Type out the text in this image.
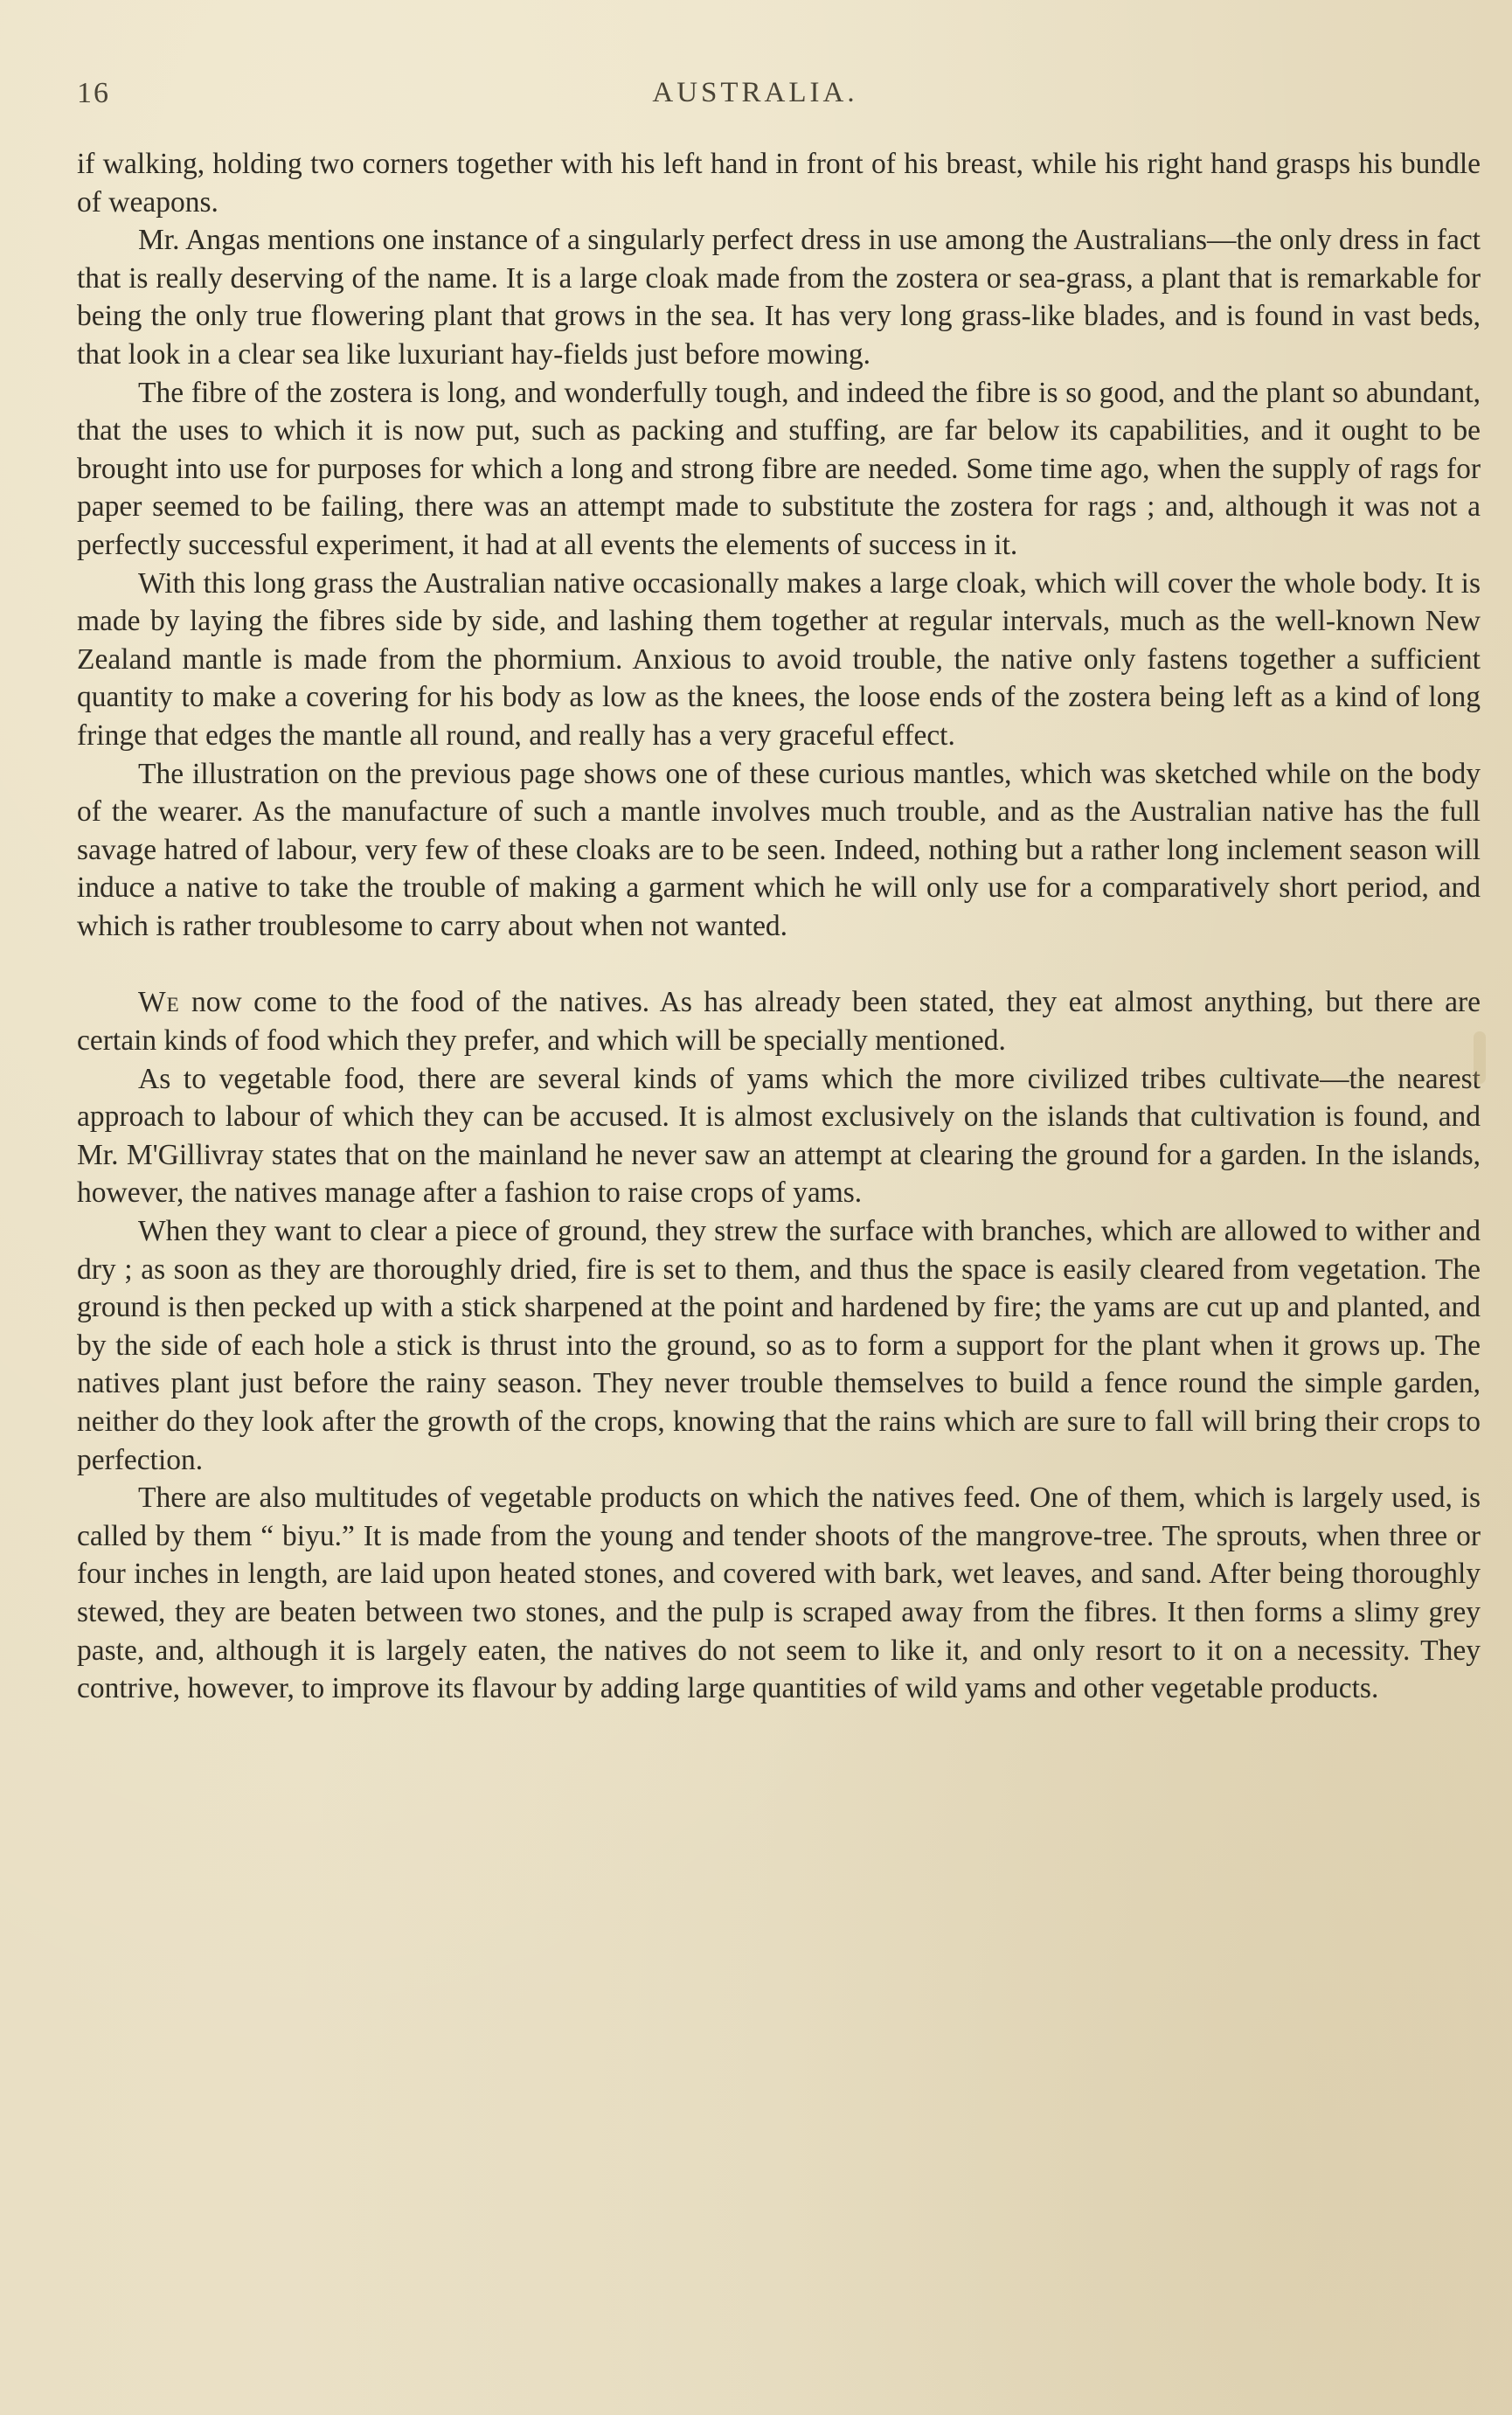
16	AUSTRALIA.

if walking, holding two corners together with his left hand in front of his breast, while his right hand grasps his bundle of weapons.

Mr. Angas mentions one instance of a singularly perfect dress in use among the Australians—the only dress in fact that is really deserving of the name. It is a large cloak made from the zostera or sea-grass, a plant that is remarkable for being the only true flowering plant that grows in the sea. It has very long grass-like blades, and is found in vast beds, that look in a clear sea like luxuriant hay-fields just before mowing.

The fibre of the zostera is long, and wonderfully tough, and indeed the fibre is so good, and the plant so abundant, that the uses to which it is now put, such as packing and stuffing, are far below its capabilities, and it ought to be brought into use for purposes for which a long and strong fibre are needed. Some time ago, when the supply of rags for paper seemed to be failing, there was an attempt made to substitute the zostera for rags ; and, although it was not a perfectly successful experiment, it had at all events the elements of success in it.

With this long grass the Australian native occasionally makes a large cloak, which will cover the whole body. It is made by laying the fibres side by side, and lashing them together at regular intervals, much as the well-known New Zealand mantle is made from the phormium. Anxious to avoid trouble, the native only fastens together a sufficient quantity to make a covering for his body as low as the knees, the loose ends of the zostera being left as a kind of long fringe that edges the mantle all round, and really has a very graceful effect.

The illustration on the previous page shows one of these curious mantles, which was sketched while on the body of the wearer. As the manufacture of such a mantle involves much trouble, and as the Australian native has the full savage hatred of labour, very few of these cloaks are to be seen. Indeed, nothing but a rather long inclement season will induce a native to take the trouble of making a garment which he will only use for a comparatively short period, and which is rather troublesome to carry about when not wanted.

We now come to the food of the natives. As has already been stated, they eat almost anything, but there are certain kinds of food which they prefer, and which will be specially mentioned.

As to vegetable food, there are several kinds of yams which the more civilized tribes cultivate—the nearest approach to labour of which they can be accused. It is almost exclusively on the islands that cultivation is found, and Mr. M'Gillivray states that on the mainland he never saw an attempt at clearing the ground for a garden. In the islands, however, the natives manage after a fashion to raise crops of yams.

When they want to clear a piece of ground, they strew the surface with branches, which are allowed to wither and dry ; as soon as they are thoroughly dried, fire is set to them, and thus the space is easily cleared from vegetation. The ground is then pecked up with a stick sharpened at the point and hardened by fire; the yams are cut up and planted, and by the side of each hole a stick is thrust into the ground, so as to form a support for the plant when it grows up. The natives plant just before the rainy season. They never trouble themselves to build a fence round the simple garden, neither do they look after the growth of the crops, knowing that the rains which are sure to fall will bring their crops to perfection.

There are also multitudes of vegetable products on which the natives feed. One of them, which is largely used, is called by them “ biyu.” It is made from the young and tender shoots of the mangrove-tree. The sprouts, when three or four inches in length, are laid upon heated stones, and covered with bark, wet leaves, and sand. After being thoroughly stewed, they are beaten between two stones, and the pulp is scraped away from the fibres. It then forms a slimy grey paste, and, although it is largely eaten, the natives do not seem to like it, and only resort to it on a necessity. They contrive, however, to improve its flavour by adding large quantities of wild yams and other vegetable products.
